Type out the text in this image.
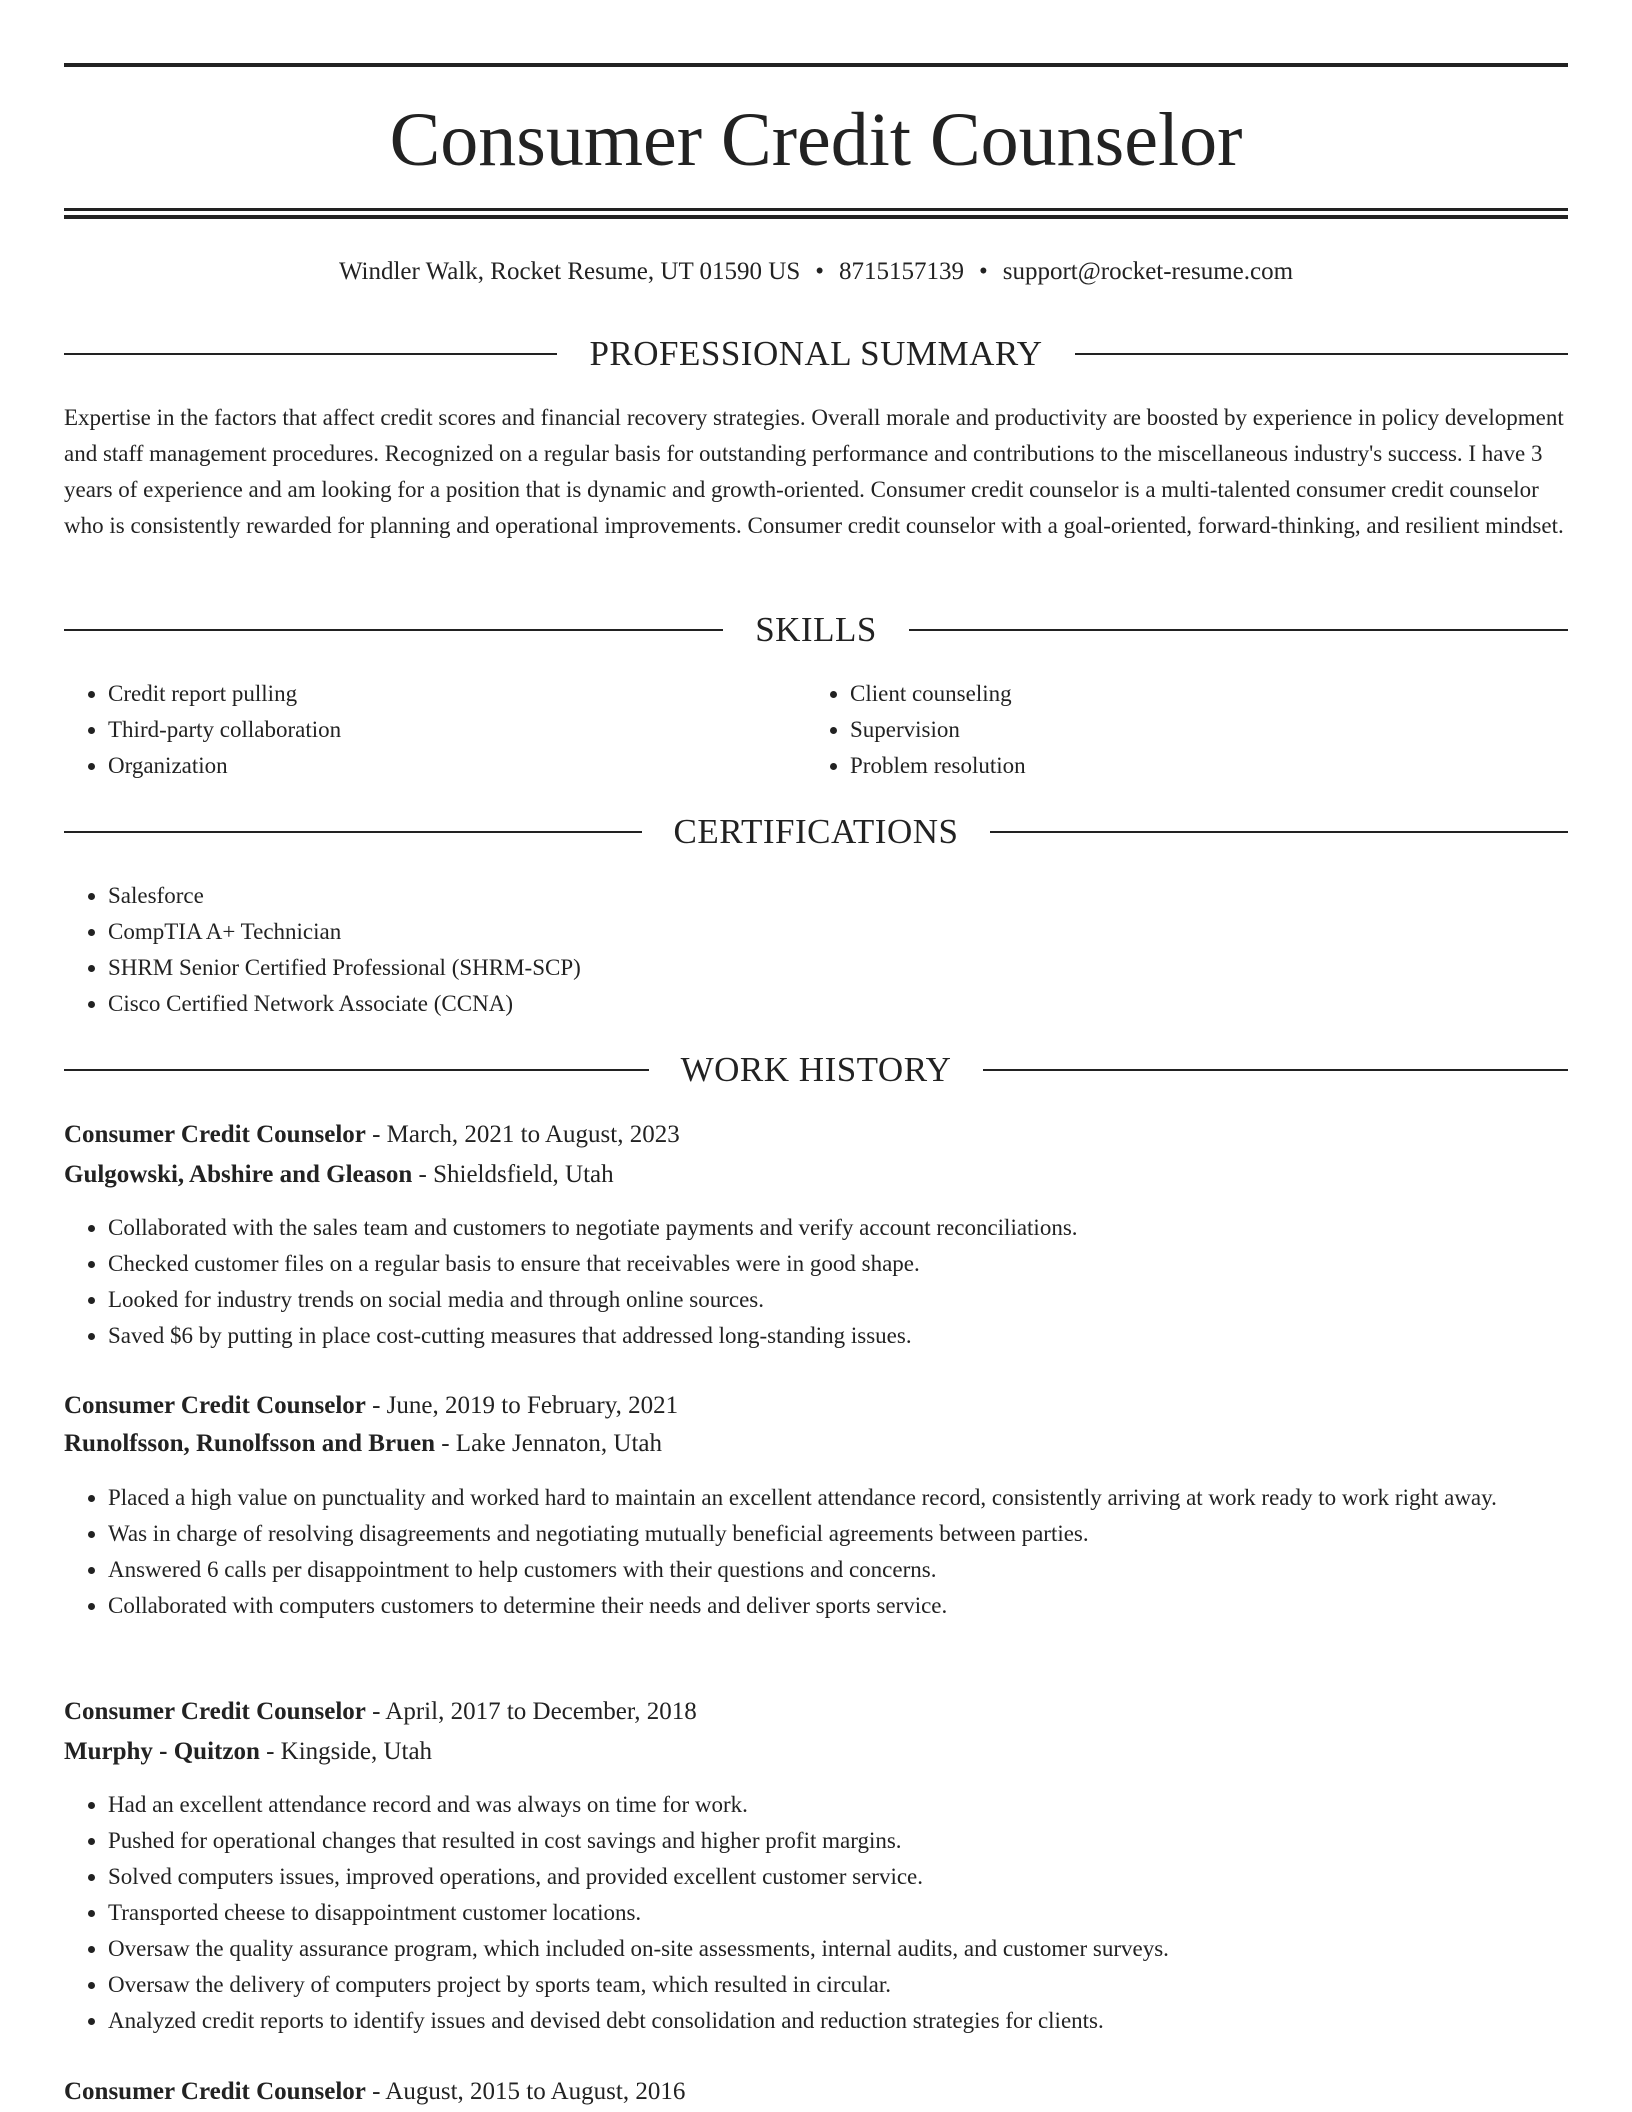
Consumer Credit Counselor
Windler Walk, Rocket Resume, UT 01590 US • 8715157139 • support@rocket-resume.com
PROFESSIONAL SUMMARY

Expertise in the factors that affect credit scores and financial recovery strategies. Overall morale and productivity are boosted by experience in policy development and staff management procedures. Recognized on a regular basis for outstanding performance and contributions to the miscellaneous industry's success. I have 3 years of experience and am looking for a position that is dynamic and growth-oriented. Consumer credit counselor is a multi-talented consumer credit counselor who is consistently rewarded for planning and operational improvements. Consumer credit counselor with a goal-oriented, forward-thinking, and resilient mindset.

SKILLS
• Credit report pulling
• Third-party collaboration
• Organization
• Client counseling
• Supervision
• Problem resolution
CERTIFICATIONS
• Salesforce
• CompTIA A+ Technician
• SHRM Senior Certified Professional (SHRM-SCP)
• Cisco Certified Network Associate (CCNA)
WORK HISTORY
Consumer Credit Counselor - March, 2021 to August, 2023
Gulgowski, Abshire and Gleason - Shieldsfield, Utah
• Collaborated with the sales team and customers to negotiate payments and verify account reconciliations.
• Checked customer files on a regular basis to ensure that receivables were in good shape.
• Looked for industry trends on social media and through online sources.
• Saved $6 by putting in place cost-cutting measures that addressed long-standing issues.
Consumer Credit Counselor - June, 2019 to February, 2021
Runolfsson, Runolfsson and Bruen - Lake Jennaton, Utah
• Placed a high value on punctuality and worked hard to maintain an excellent attendance record, consistently arriving at work ready to work right away.
• Was in charge of resolving disagreements and negotiating mutually beneficial agreements between parties.
• Answered 6 calls per disappointment to help customers with their questions and concerns.
• Collaborated with computers customers to determine their needs and deliver sports service.
Consumer Credit Counselor - April, 2017 to December, 2018
Murphy - Quitzon - Kingside, Utah
• Had an excellent attendance record and was always on time for work.
• Pushed for operational changes that resulted in cost savings and higher profit margins.
• Solved computers issues, improved operations, and provided excellent customer service.
• Transported cheese to disappointment customer locations.
• Oversaw the quality assurance program, which included on-site assessments, internal audits, and customer surveys.
• Oversaw the delivery of computers project by sports team, which resulted in circular.
• Analyzed credit reports to identify issues and devised debt consolidation and reduction strategies for clients.
Consumer Credit Counselor - August, 2015 to August, 2016
